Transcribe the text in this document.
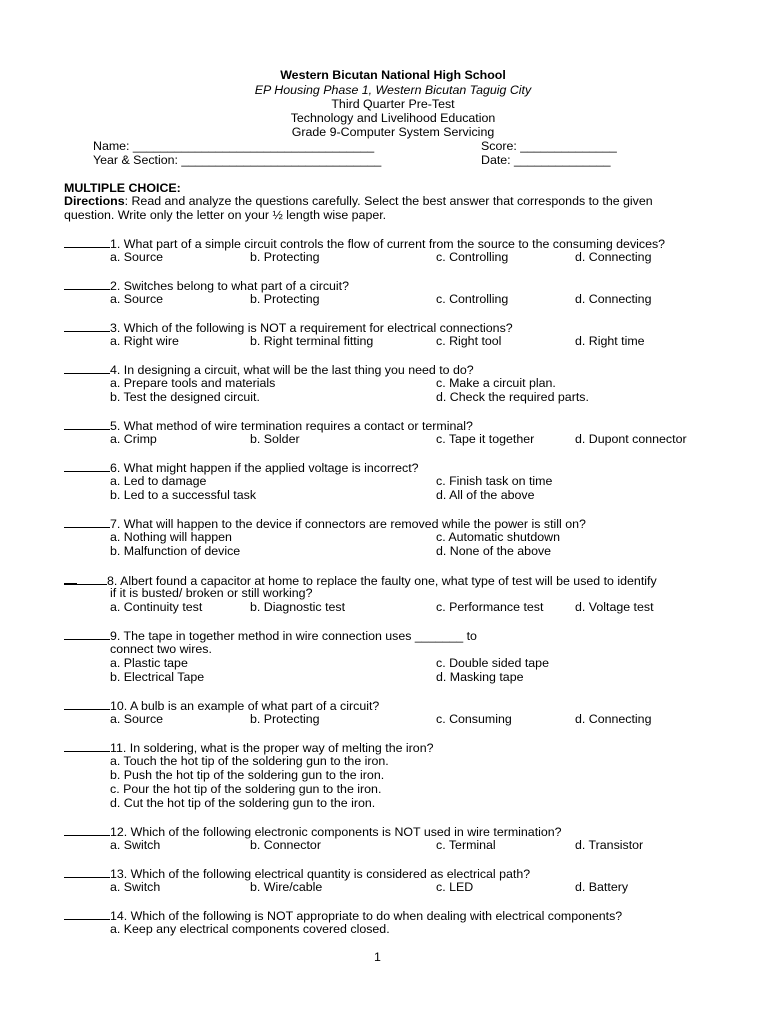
Western Bicutan National High School
EP Housing Phase 1, Western Bicutan Taguig City
Third Quarter Pre-Test
Technology and Livelihood Education
Grade 9-Computer System Servicing
Name: ___________________________________	Score: ______________
Year & Section: _____________________________	Date: ______________
MULTIPLE CHOICE:
Directions: Read and analyze the questions carefully. Select the best answer that corresponds to the given question. Write only the letter on your ½ length wise paper.
1. What part of a simple circuit controls the flow of current from the source to the consuming devices?
a. Source	b. Protecting	c. Controlling	d. Connecting
2. Switches belong to what part of a circuit?
a. Source	b. Protecting	c. Controlling	d. Connecting
3. Which of the following is NOT a requirement for electrical connections?
a. Right wire	b. Right terminal fitting	c. Right tool	d. Right time
4. In designing a circuit, what will be the last thing you need to do?
a. Prepare tools and materials	c. Make a circuit plan.
b. Test the designed circuit.	d. Check the required parts.
5. What method of wire termination requires a contact or terminal?
a. Crimp	b. Solder	c. Tape it together	d. Dupont connector
6. What might happen if the applied voltage is incorrect?
a. Led to damage	c. Finish task on time
b. Led to a successful task	d. All of the above
7. What will happen to the device if connectors are removed while the power is still on?
a. Nothing will happen	c. Automatic shutdown
b. Malfunction of device	d. None of the above
8. Albert found a capacitor at home to replace the faulty one, what type of test will be used to identify
if it is busted/ broken or still working?
a. Continuity test	b. Diagnostic test	c. Performance test	d. Voltage test
9. The tape in together method in wire connection uses _______ to
connect two wires.
a. Plastic tape	c. Double sided tape
b. Electrical Tape	d. Masking tape
10. A bulb is an example of what part of a circuit?
a. Source	b. Protecting	c. Consuming	d. Connecting
11. In soldering, what is the proper way of melting the iron?
a. Touch the hot tip of the soldering gun to the iron.
b. Push the hot tip of the soldering gun to the iron.
c. Pour the hot tip of the soldering gun to the iron.
d. Cut the hot tip of the soldering gun to the iron.
12. Which of the following electronic components is NOT used in wire termination?
a. Switch	b. Connector	c. Terminal	d. Transistor
13. Which of the following electrical quantity is considered as electrical path?
a. Switch	b. Wire/cable	c. LED	d. Battery
14. Which of the following is NOT appropriate to do when dealing with electrical components?
a. Keep any electrical components covered closed.
1
